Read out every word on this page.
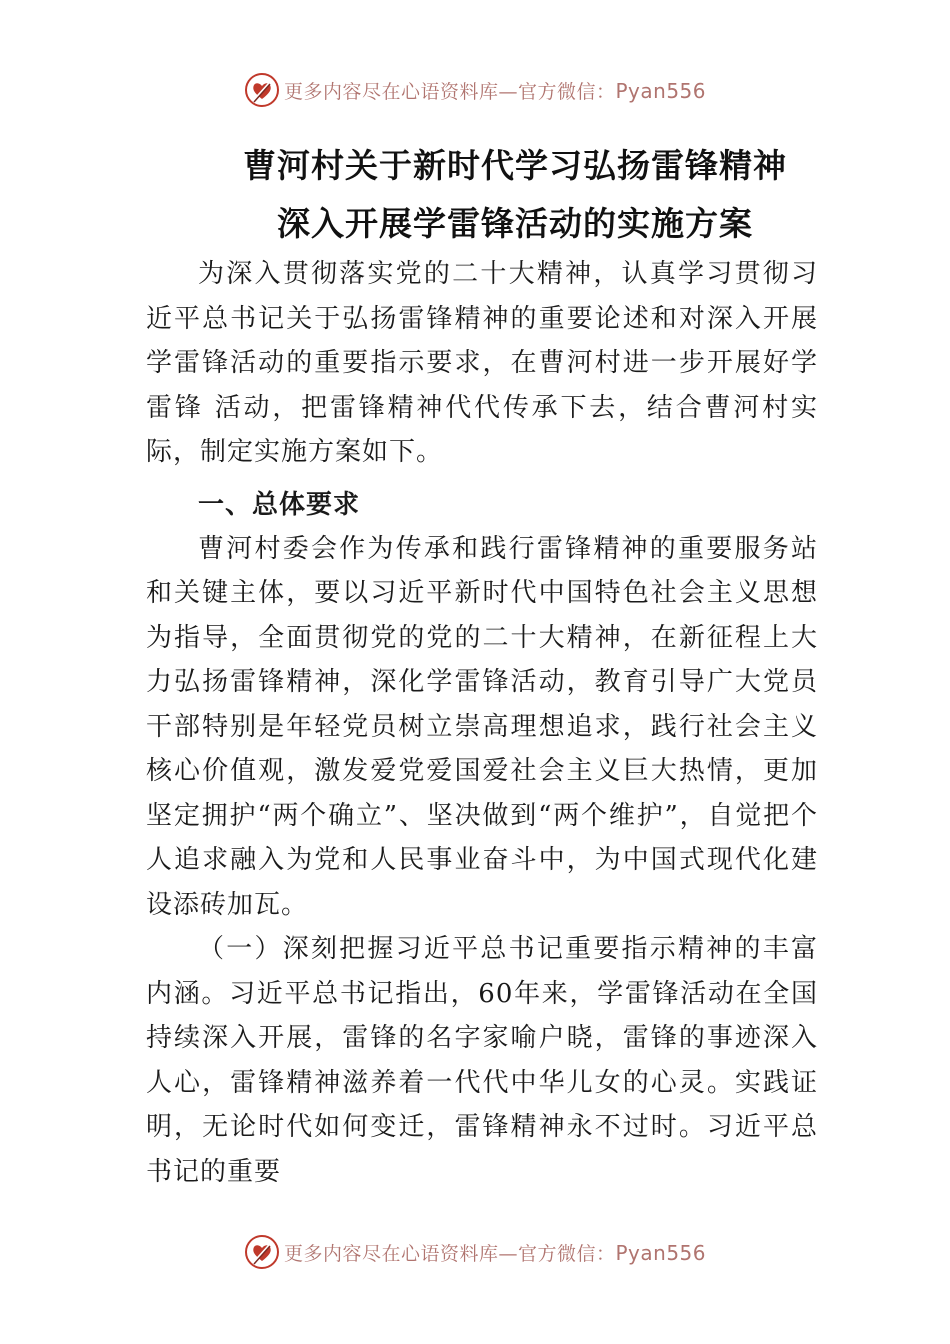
更多内容尽在心语资料库—官方微信：Pyan556
曹河村关于新时代学习弘扬雷锋精神
深入开展学雷锋活动的实施方案

为深入贯彻落实党的二十大精神，认真学习贯彻习近平总书记关于弘扬雷锋精神的重要论述和对深入开展学雷锋活动的重要指示要求，在曹河村进一步开展好学雷锋 活动，把雷锋精神代代传承下去，结合曹河村实际，制定实施方案如下。

一、总体要求

曹河村委会作为传承和践行雷锋精神的重要服务站和关键主体，要以习近平新时代中国特色社会主义思想为指导，全面贯彻党的党的二十大精神，在新征程上大力弘扬雷锋精神，深化学雷锋活动，教育引导广大党员干部特别是年轻党员树立崇高理想追求，践行社会主义核心价值观，激发爱党爱国爱社会主义巨大热情，更加坚定拥护“两个确立”、坚决做到“两个维护”，自觉把个人追求融入为党和人民事业奋斗中，为中国式现代化建设添砖加瓦。

（一）深刻把握习近平总书记重要指示精神的丰富内涵。习近平总书记指出，60年来，学雷锋活动在全国持续深入开展，雷锋的名字家喻户晓，雷锋的事迹深入人心，雷锋精神滋养着一代代中华儿女的心灵。实践证明，无论时代如何变迁，雷锋精神永不过时。习近平总书记的重要

更多内容尽在心语资料库—官方微信：Pyan556
